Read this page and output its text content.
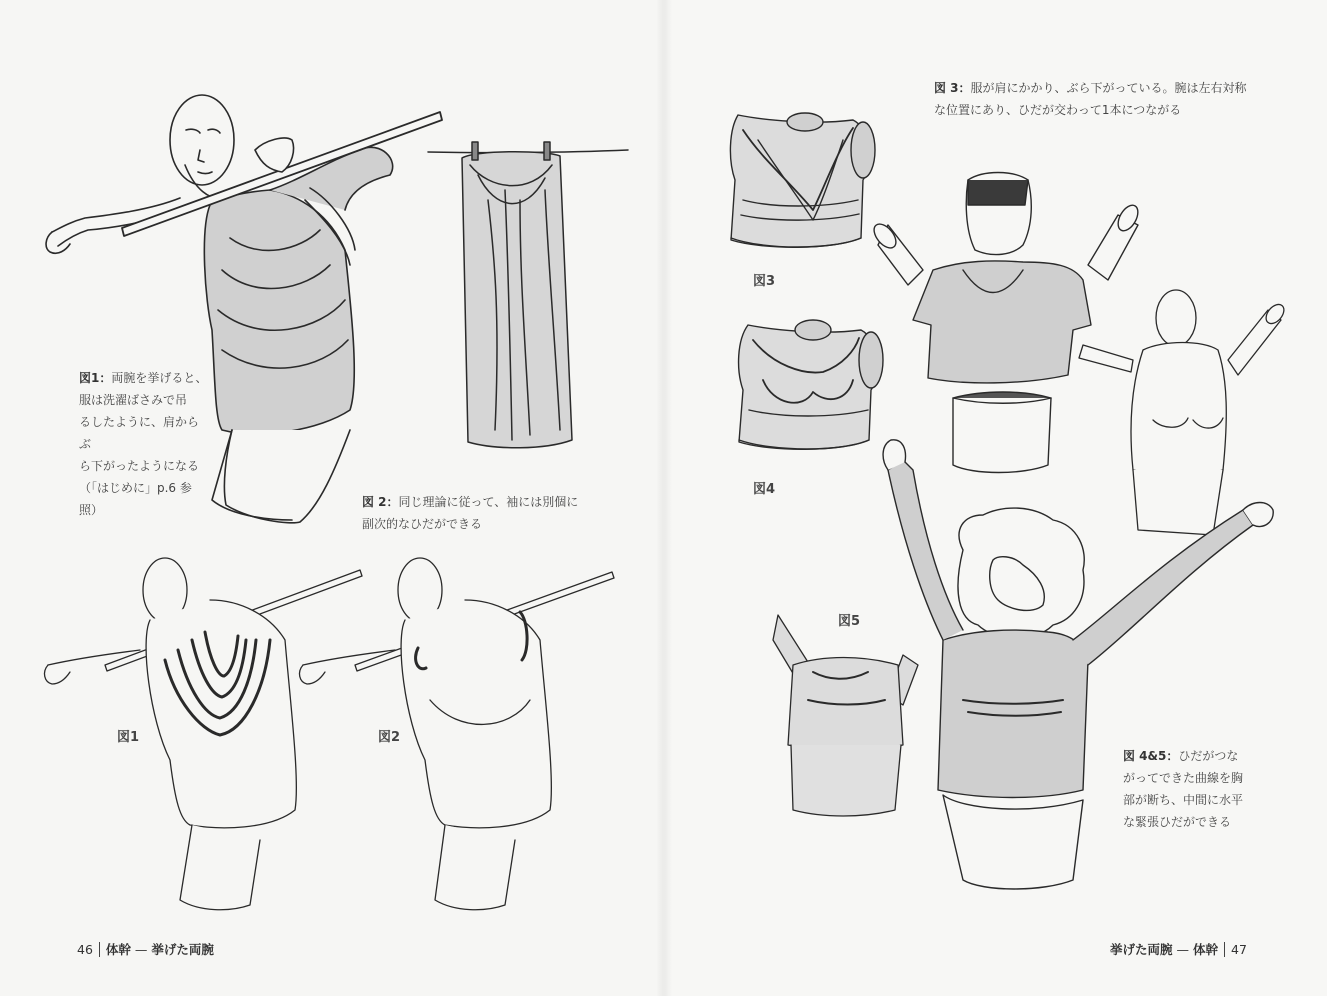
図1：両腕を挙げると、
服は洗濯ばさみで吊
るしたように、肩からぶ
ら下がったようになる
（「はじめに」p.6 参照）

図 2：同じ理論に従って、袖には別個に
副次的なひだができる

図1	図2
46 体幹 — 挙げた両腕

図 3：服が肩にかかり、ぶら下がっている。腕は左右対称
な位置にあり、ひだが交わって1本につながる

図3
図4
図5

図 4&5：ひだがつな
がってできた曲線を胸
部が断ち、中間に水平
な緊張ひだができる

挙げた両腕 — 体幹 47
